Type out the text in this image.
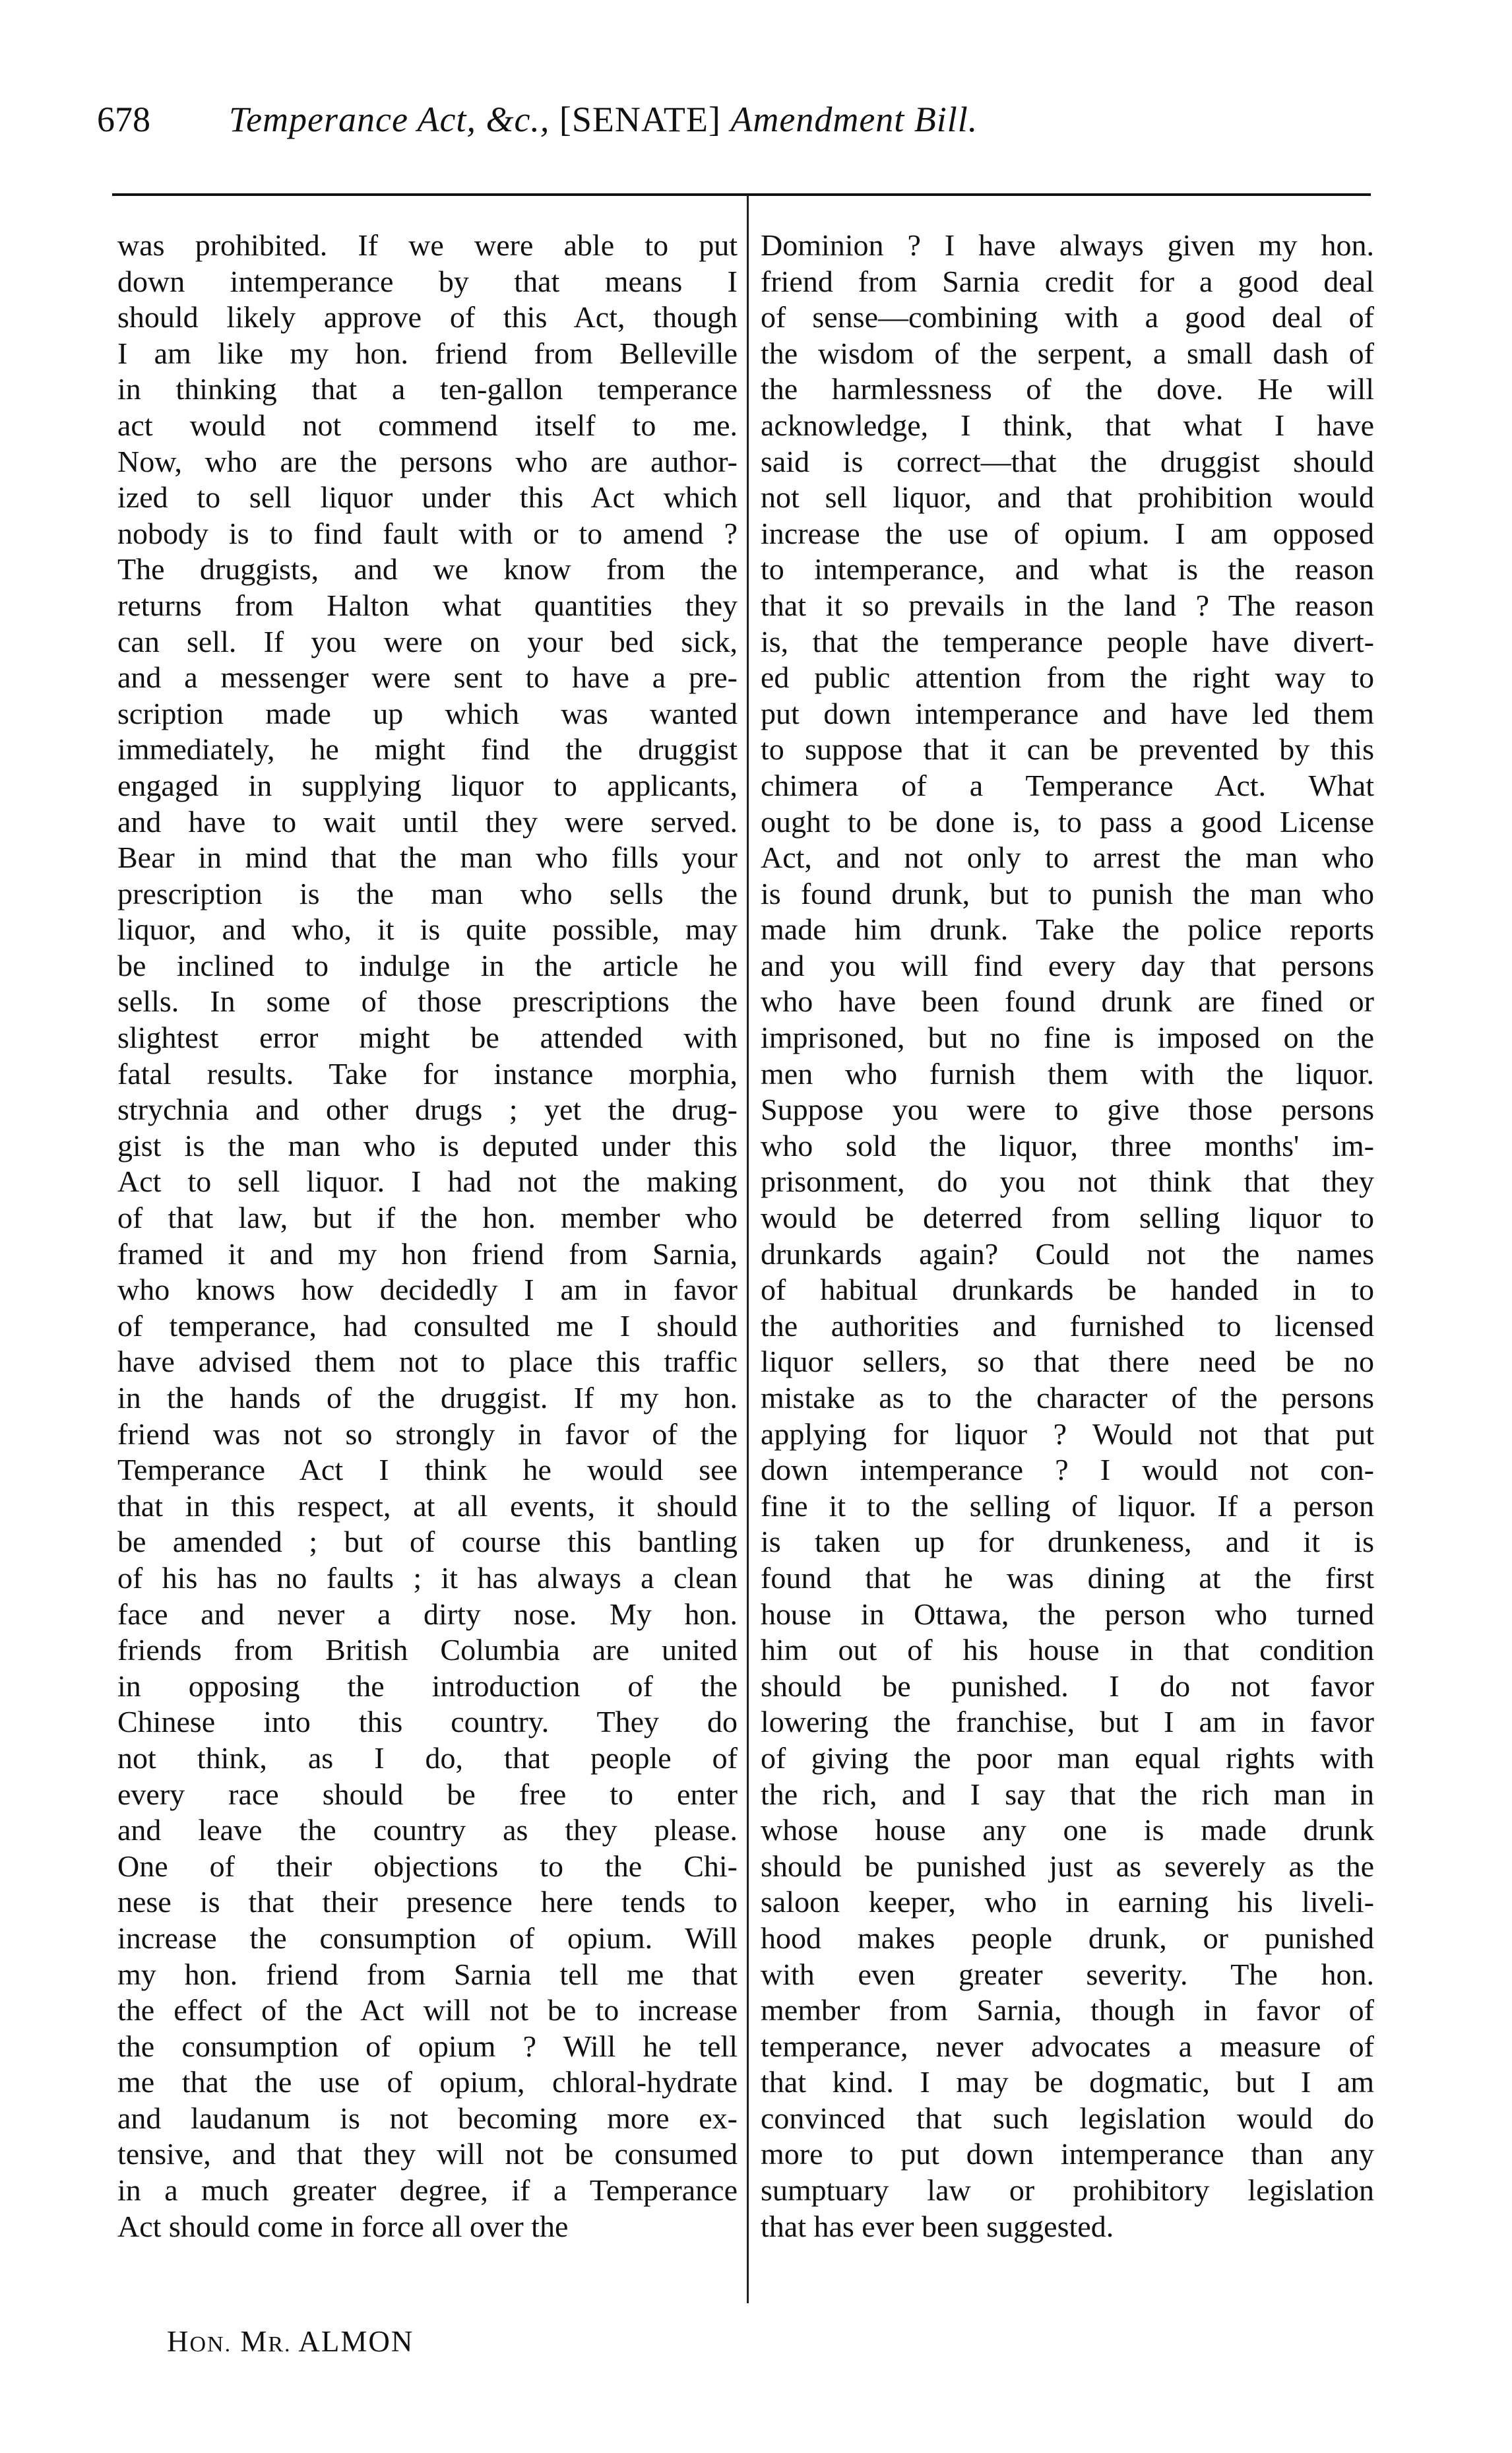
678 Temperance Act, &c., [SENATE] Amendment Bill.
was prohibited. If we were able to put
down intemperance by that means I
should likely approve of this Act, though
I am like my hon. friend from Belleville
in thinking that a ten-gallon temperance
act would not commend itself to me.
Now, who are the persons who are author-
ized to sell liquor under this Act which
nobody is to find fault with or to amend ?
The druggists, and we know from the
returns from Halton what quantities they
can sell. If you were on your bed sick,
and a messenger were sent to have a pre-
scription made up which was wanted
immediately, he might find the druggist
engaged in supplying liquor to applicants,
and have to wait until they were served.
Bear in mind that the man who fills your
prescription is the man who sells the
liquor, and who, it is quite possible, may
be inclined to indulge in the article he
sells. In some of those prescriptions the
slightest error might be attended with
fatal results. Take for instance morphia,
strychnia and other drugs ; yet the drug-
gist is the man who is deputed under this
Act to sell liquor. I had not the making
of that law, but if the hon. member who
framed it and my hon friend from Sarnia,
who knows how decidedly I am in favor
of temperance, had consulted me I should
have advised them not to place this traffic
in the hands of the druggist. If my hon.
friend was not so strongly in favor of the
Temperance Act I think he would see
that in this respect, at all events, it should
be amended ; but of course this bantling
of his has no faults ; it has always a clean
face and never a dirty nose. My hon.
friends from British Columbia are united
in opposing the introduction of the
Chinese into this country. They do
not think, as I do, that people of
every race should be free to enter
and leave the country as they please.
One of their objections to the Chi-
nese is that their presence here tends to
increase the consumption of opium. Will
my hon. friend from Sarnia tell me that
the effect of the Act will not be to increase
the consumption of opium ? Will he tell
me that the use of opium, chloral-hydrate
and laudanum is not becoming more ex-
tensive, and that they will not be consumed
in a much greater degree, if a Temperance
Act should come in force all over the
Dominion ? I have always given my hon.
friend from Sarnia credit for a good deal
of sense—combining with a good deal of
the wisdom of the serpent, a small dash of
the harmlessness of the dove. He will
acknowledge, I think, that what I have
said is correct—that the druggist should
not sell liquor, and that prohibition would
increase the use of opium. I am opposed
to intemperance, and what is the reason
that it so prevails in the land ? The reason
is, that the temperance people have divert-
ed public attention from the right way to
put down intemperance and have led them
to suppose that it can be prevented by this
chimera of a Temperance Act. What
ought to be done is, to pass a good License
Act, and not only to arrest the man who
is found drunk, but to punish the man who
made him drunk. Take the police reports
and you will find every day that persons
who have been found drunk are fined or
imprisoned, but no fine is imposed on the
men who furnish them with the liquor.
Suppose you were to give those persons
who sold the liquor, three months' im-
prisonment, do you not think that they
would be deterred from selling liquor to
drunkards again? Could not the names
of habitual drunkards be handed in to
the authorities and furnished to licensed
liquor sellers, so that there need be no
mistake as to the character of the persons
applying for liquor ? Would not that put
down intemperance ? I would not con-
fine it to the selling of liquor. If a person
is taken up for drunkeness, and it is
found that he was dining at the first
house in Ottawa, the person who turned
him out of his house in that condition
should be punished. I do not favor
lowering the franchise, but I am in favor
of giving the poor man equal rights with
the rich, and I say that the rich man in
whose house any one is made drunk
should be punished just as severely as the
saloon keeper, who in earning his liveli-
hood makes people drunk, or punished
with even greater severity. The hon.
member from Sarnia, though in favor of
temperance, never advocates a measure of
that kind. I may be dogmatic, but I am
convinced that such legislation would do
more to put down intemperance than any
sumptuary law or prohibitory legislation
that has ever been suggested.
HON. MR. ALMON
